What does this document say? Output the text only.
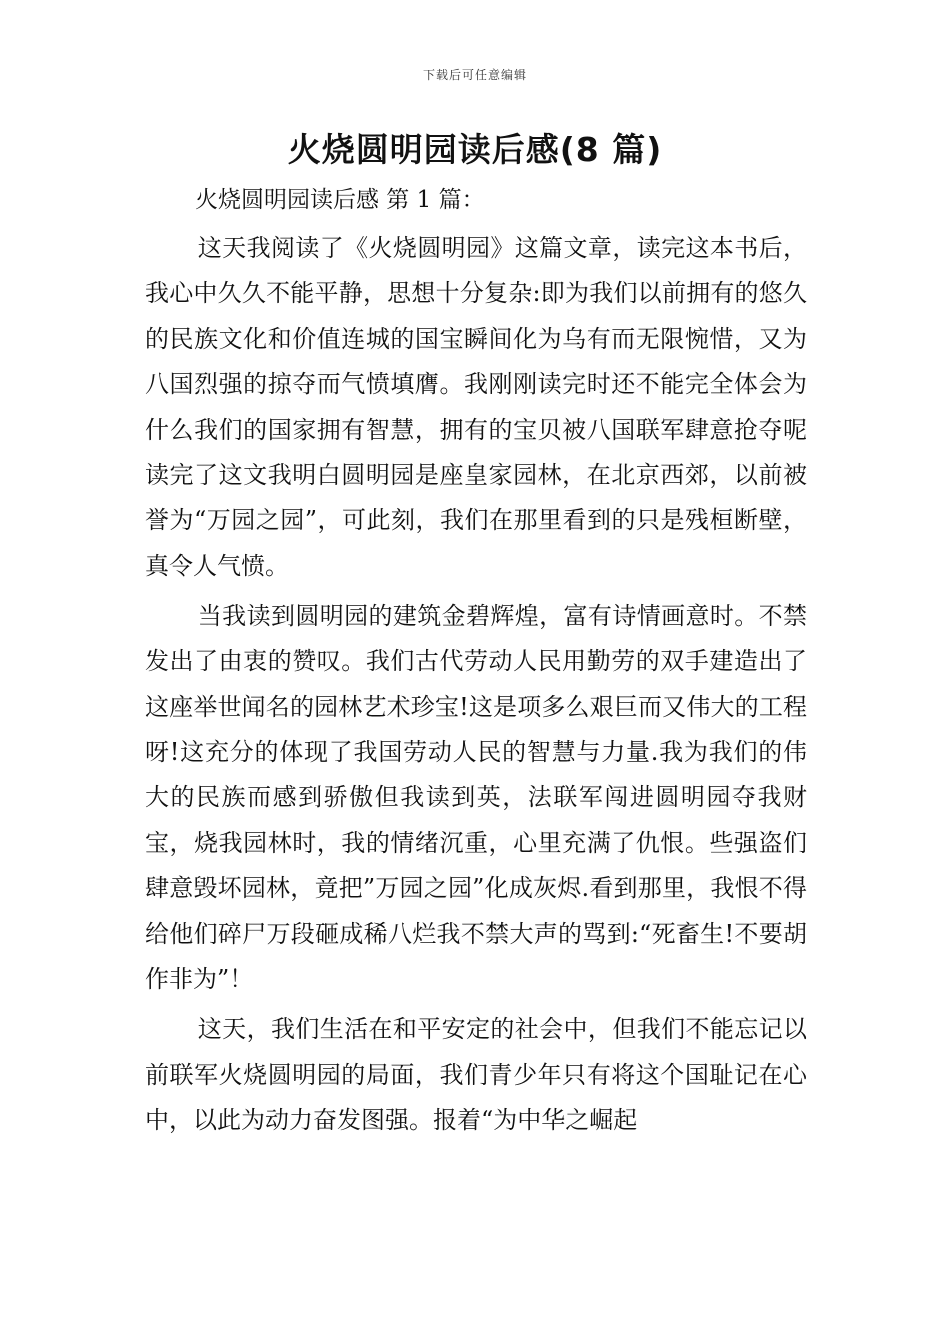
下载后可任意编辑
火烧圆明园读后感(8 篇)
火烧圆明园读后感 第 1 篇：

这天我阅读了《火烧圆明园》这篇文章，读完这本书后，我心中久久不能平静，思想十分复杂:即为我们以前拥有的悠久的民族文化和价值连城的国宝瞬间化为乌有而无限惋惜，又为八国烈强的掠夺而气愤填膺。我刚刚读完时还不能完全体会为什么我们的国家拥有智慧，拥有的宝贝被八国联军肆意抢夺呢读完了这文我明白圆明园是座皇家园林，在北京西郊，以前被誉为“万园之园”，可此刻，我们在那里看到的只是残桓断壁，真令人气愤。

当我读到圆明园的建筑金碧辉煌，富有诗情画意时。不禁发出了由衷的赞叹。我们古代劳动人民用勤劳的双手建造出了这座举世闻名的园林艺术珍宝!这是项多么艰巨而又伟大的工程呀!这充分的体现了我国劳动人民的智慧与力量.我为我们的伟大的民族而感到骄傲但我读到英，法联军闯进圆明园夺我财宝，烧我园林时，我的情绪沉重，心里充满了仇恨。些强盗们肆意毁坏园林，竟把”万园之园”化成灰烬.看到那里，我恨不得给他们碎尸万段砸成稀八烂我不禁大声的骂到:“死畜生!不要胡作非为”！

这天，我们生活在和平安定的社会中，但我们不能忘记以前联军火烧圆明园的局面，我们青少年只有将这个国耻记在心中，以此为动力奋发图强。报着“为中华之崛起
